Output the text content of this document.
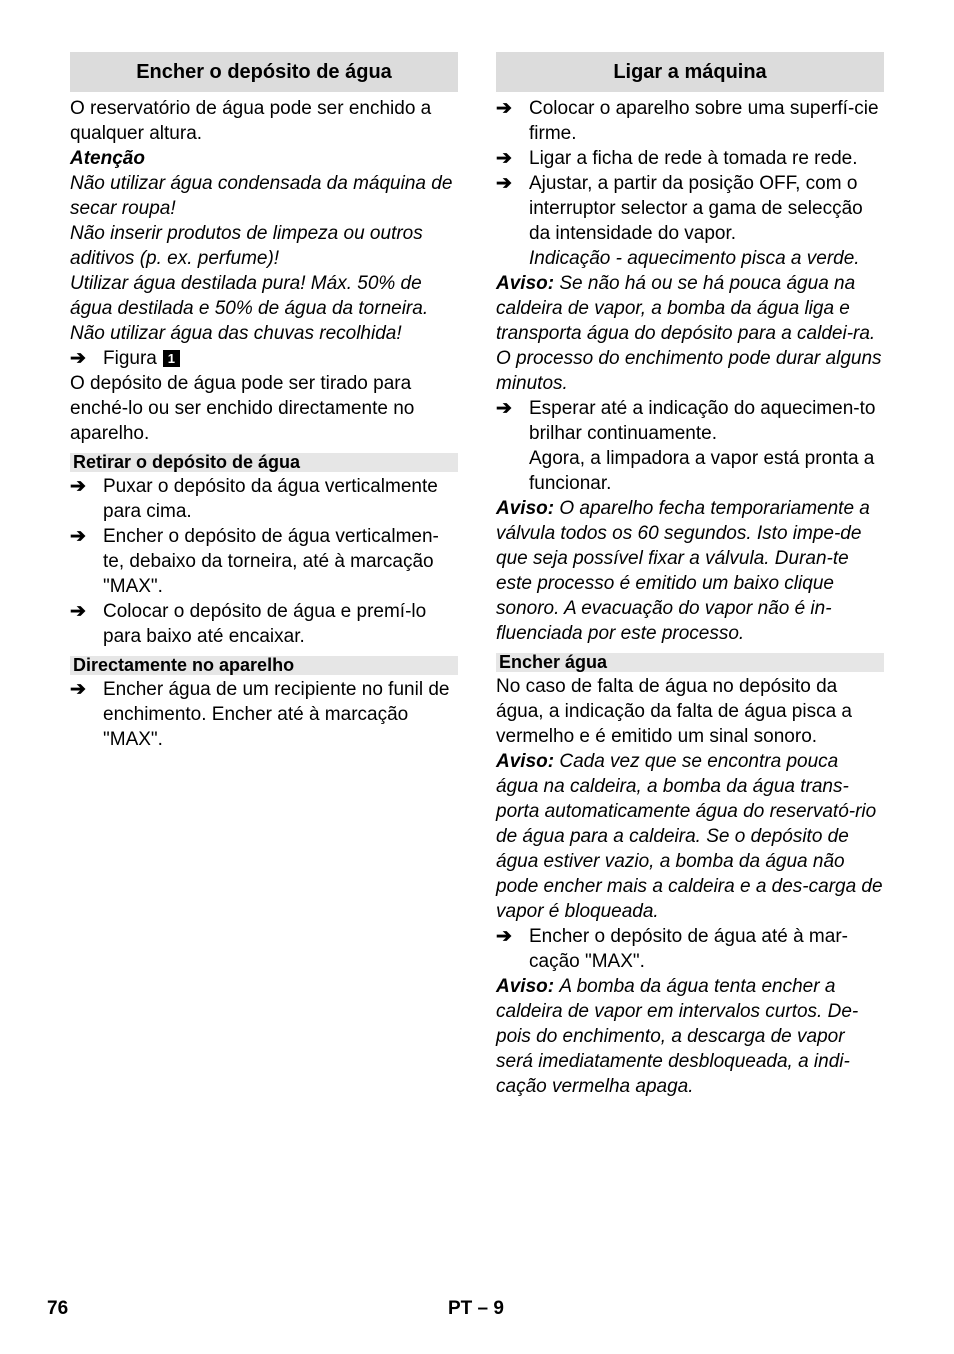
Encher o depósito de água

O reservatório de água pode ser enchido a qualquer altura.

Atenção

Não utilizar água condensada da máquina de secar roupa!

Não inserir produtos de limpeza ou outros aditivos (p. ex. perfume)!

Utilizar água destilada pura! Máx. 50% de água destilada e 50% de água da torneira.

Não utilizar água das chuvas recolhida!

➔ Figura 1

O depósito de água pode ser tirado para enché-lo ou ser enchido directamente no aparelho.

Retirar o depósito de água
➔ Puxar o depósito da água verticalmente para cima.
➔ Encher o depósito de água verticalmen-te, debaixo da torneira, até à marcação "MAX".
➔ Colocar o depósito de água e premí-lo para baixo até encaixar.
Directamente no aparelho
➔ Encher água de um recipiente no funil de enchimento. Encher até à marcação "MAX".
Ligar a máquina
➔ Colocar o aparelho sobre uma superfí-cie firme.
➔ Ligar a ficha de rede à tomada re rede.
➔ Ajustar, a partir da posição OFF, com o interruptor selector a gama de selecção da intensidade do vapor.

Indicação - aquecimento pisca a verde.

Aviso: Se não há ou se há pouca água na caldeira de vapor, a bomba da água liga e transporta água do depósito para a caldei-ra. O processo do enchimento pode durar alguns minutos.

➔ Esperar até a indicação do aquecimen-to brilhar continuamente.

Agora, a limpadora a vapor está pronta a funcionar.

Aviso: O aparelho fecha temporariamente a válvula todos os 60 segundos. Isto impe-de que seja possível fixar a válvula. Duran-te este processo é emitido um baixo clique sonoro. A evacuação do vapor não é in-fluenciada por este processo.

Encher água

No caso de falta de água no depósito da água, a indicação da falta de água pisca a vermelho e é emitido um sinal sonoro.

Aviso: Cada vez que se encontra pouca água na caldeira, a bomba da água trans-porta automaticamente água do reservató-rio de água para a caldeira. Se o depósito de água estiver vazio, a bomba da água não pode encher mais a caldeira e a des-carga de vapor é bloqueada.

➔ Encher o depósito de água até à mar-cação "MAX".

Aviso: A bomba da água tenta encher a caldeira de vapor em intervalos curtos. De-pois do enchimento, a descarga de vapor será imediatamente desbloqueada, a indi-cação vermelha apaga.

76	PT – 9
